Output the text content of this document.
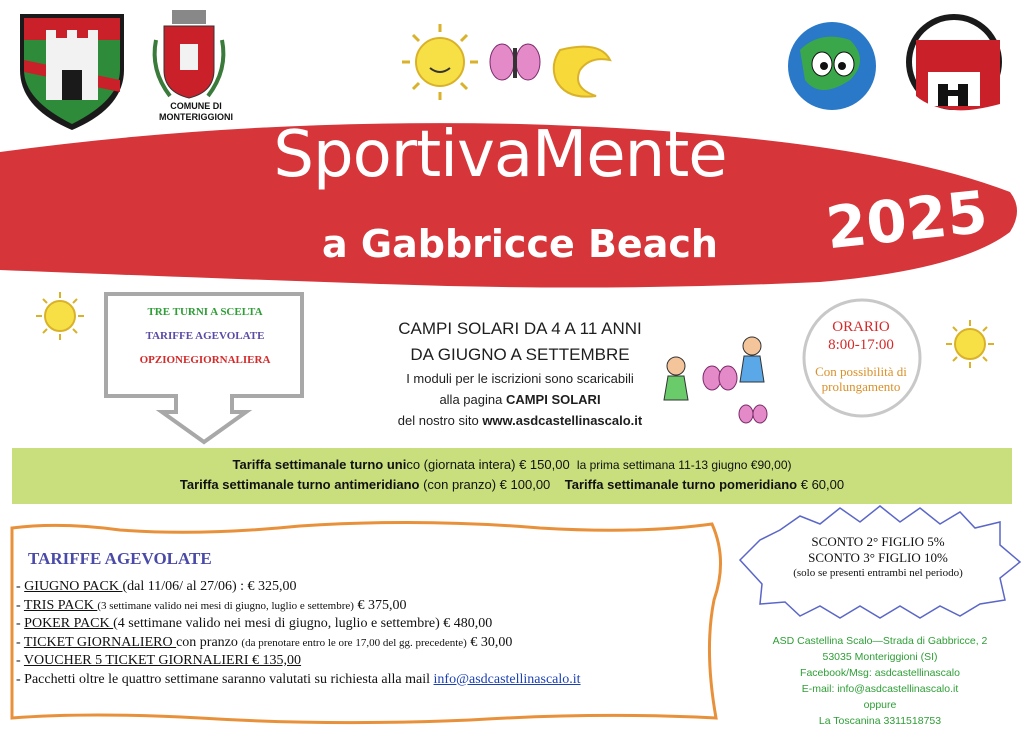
COMUNE DI MONTERIGGIONI
SportivaMente
a Gabbricce Beach	2025
TRE TURNI A SCELTA
TARIFFE AGEVOLATE
OPZIONEGIORNALIERA
CAMPI SOLARI DA 4 A 11 ANNI
DA GIUGNO A SETTEMBRE
I moduli per le iscrizioni sono scaricabili
alla pagina CAMPI SOLARI
del nostro sito www.asdcastellinascalo.it
ORARIO
8:00-17:00
Con possibilità di
prolungamento
Tariffa settimanale turno unico (giornata intera) € 150,00 la prima settimana 11-13 giugno €90,00)
Tariffa settimanale turno antimeridiano (con pranzo) € 100,00 Tariffa settimanale turno pomeridiano € 60,00
TARIFFE AGEVOLATE
- GIUGNO PACK (dal 11/06/ al 27/06) : € 325,00
- TRIS PACK (3 settimane valido nei mesi di giugno, luglio e settembre) € 375,00
- POKER PACK (4 settimane valido nei mesi di giugno, luglio e settembre) € 480,00
- TICKET GIORNALIERO con pranzo (da prenotare entro le ore 17,00 del gg. precedente) € 30,00
- VOUCHER 5 TICKET GIORNALIERI € 135,00
- Pacchetti oltre le quattro settimane saranno valutati su richiesta alla mail info@asdcastellinascalo.it
SCONTO 2° FIGLIO 5%
SCONTO 3° FIGLIO 10%
(solo se presenti entrambi nel periodo)
ASD Castellina Scalo—Strada di Gabbricce, 2
53035 Monteriggioni (SI)
Facebook/Msg: asdcastellinascalo
E-mail: info@asdcastellinascalo.it
oppure
La Toscanina 3311518753
